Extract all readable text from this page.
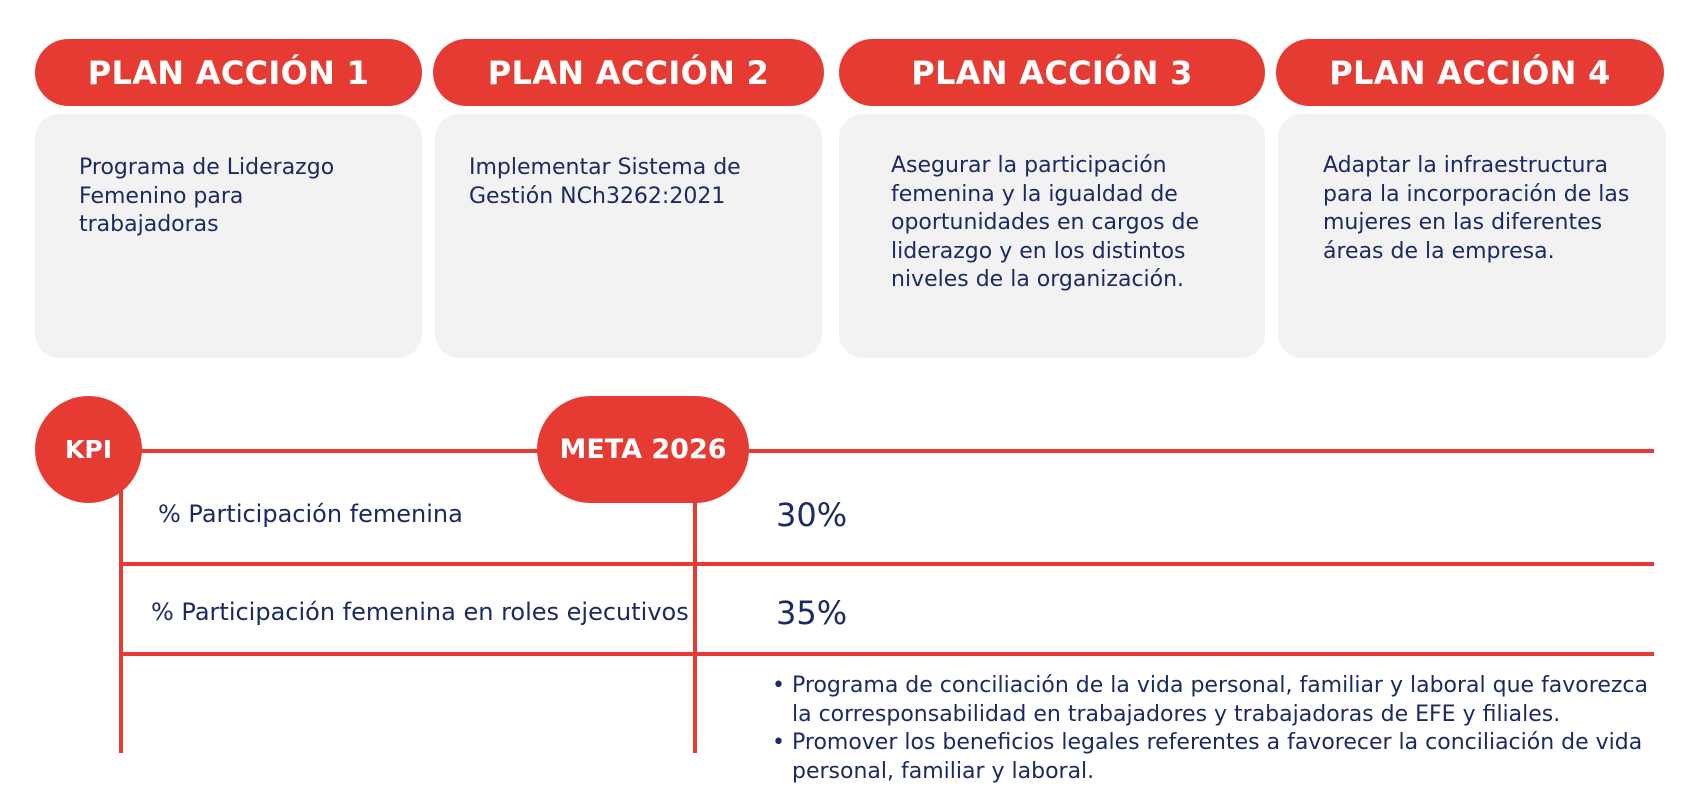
PLAN ACCIÓN 1	PLAN ACCIÓN 2	PLAN ACCIÓN 3	PLAN ACCIÓN 4
Programa de Liderazgo Femenino para trabajadoras
Implementar Sistema de Gestión NCh3262:2021
Asegurar la participación femenina y la igualdad de oportunidades en cargos de liderazgo y en los distintos niveles de la organización.
Adaptar la infraestructura para la incorporación de las mujeres en las diferentes áreas de la empresa.
KPI	META 2026
% Participación femenina	30%
% Participación femenina en roles ejecutivos	35%
• Programa de conciliación de la vida personal, familiar y laboral que favorezca la corresponsabilidad en trabajadores y trabajadoras de EFE y filiales.
• Promover los beneficios legales referentes a favorecer la conciliación de vida personal, familiar y laboral.
